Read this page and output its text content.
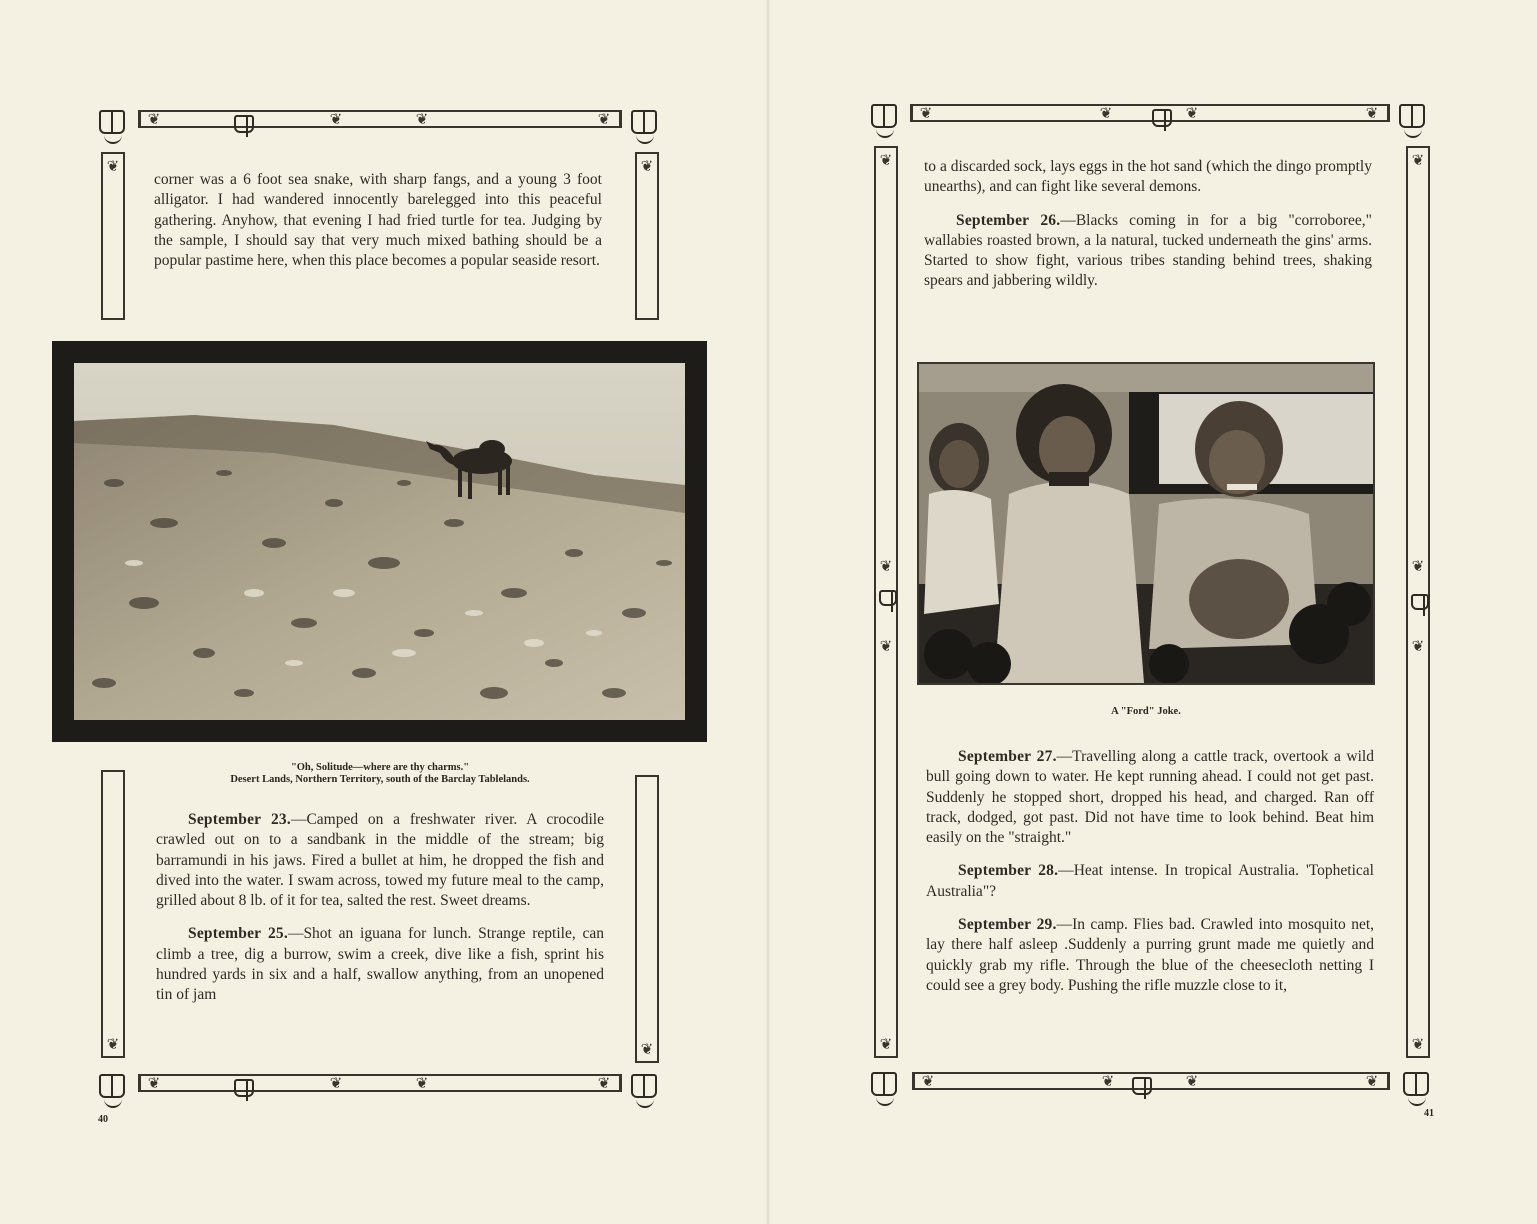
❦	❦	❦	❦
❦	❦

corner was a 6 foot sea snake, with sharp fangs, and a young 3 foot alligator. I had wandered innocently barelegged into this peaceful gathering. Anyhow, that evening I had fried turtle for tea. Judging by the sample, I should say that very much mixed bathing should be a popular pastime here, when this place becomes a popular seaside resort.

"Oh, Solitude—where are thy charms."
Desert Lands, Northern Territory, south of the Barclay Tablelands.
❦	❦

September 23.—Camped on a freshwater river. A crocodile crawled out on to a sandbank in the middle of the stream; big barramundi in his jaws. Fired a bullet at him, he dropped the fish and dived into the water. I swam across, towed my future meal to the camp, grilled about 8 lb. of it for tea, salted the rest. Sweet dreams.

September 25.—Shot an iguana for lunch. Strange reptile, can climb a tree, dig a burrow, swim a creek, dive like a fish, sprint his hundred yards in six and a half, swallow anything, from an unopened tin of jam

❦	❦	❦	❦
40
❦	❦	❦	❦
❦
❦
❦
❦
❦
❦
❦
❦

to a discarded sock, lays eggs in the hot sand (which the dingo promptly unearths), and can fight like several demons.

September 26.—Blacks coming in for a big "corroboree," wallabies roasted brown, a la natural, tucked underneath the gins' arms. Started to show fight, various tribes standing behind trees, shaking spears and jabbering wildly.

A "Ford" Joke.

September 27.—Travelling along a cattle track, overtook a wild bull going down to water. He kept running ahead. I could not get past. Suddenly he stopped short, dropped his head, and charged. Ran off track, dodged, got past. Did not have time to look behind. Beat him easily on the "straight."

September 28.—Heat intense. In tropical Australia. 'Tophetical Australia"?

September 29.—In camp. Flies bad. Crawled into mosquito net, lay there half asleep .Suddenly a purring grunt made me quietly and quickly grab my rifle. Through the blue of the cheesecloth netting I could see a grey body. Pushing the rifle muzzle close to it,

❦	❦	❦	❦
41
